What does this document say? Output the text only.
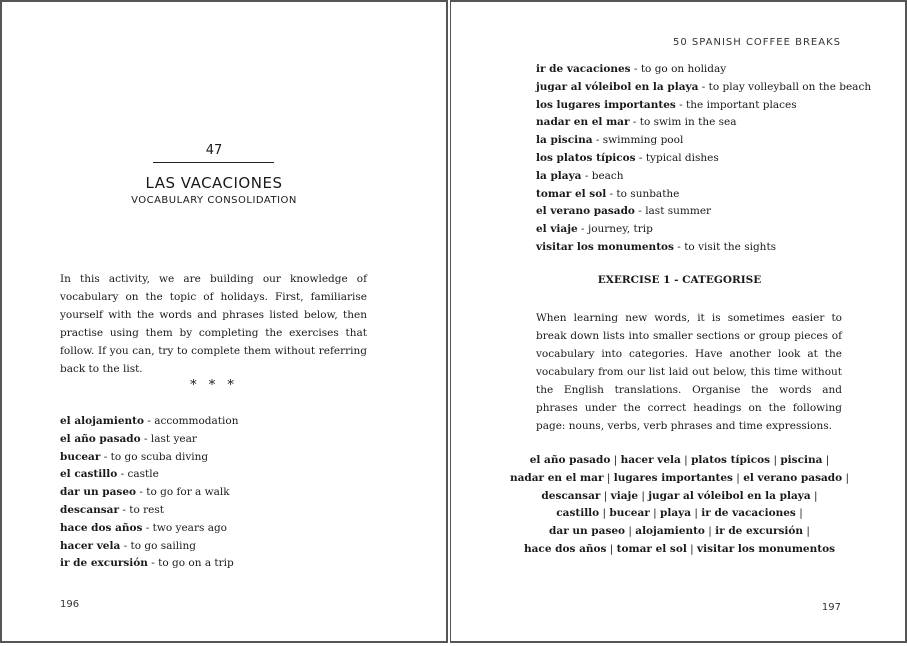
47
LAS VACACIONES
VOCABULARY CONSOLIDATION

In this activity, we are building our knowledge of vocabulary on the topic of holidays. First, familiarise yourself with the words and phrases listed below, then practise using them by completing the exercises that follow. If you can, try to complete them without referring back to the list.

* * *
el alojamiento - accommodation
el año pasado - last year
bucear - to go scuba diving
el castillo - castle
dar un paseo - to go for a walk
descansar - to rest
hace dos años - two years ago
hacer vela - to go sailing
ir de excursión - to go on a trip
196
50 SPANISH COFFEE BREAKS
ir de vacaciones - to go on holiday
jugar al vóleibol en la playa - to play volleyball on the beach
los lugares importantes - the important places
nadar en el mar - to swim in the sea
la piscina - swimming pool
los platos típicos - typical dishes
la playa - beach
tomar el sol - to sunbathe
el verano pasado - last summer
el viaje - journey, trip
visitar los monumentos - to visit the sights
EXERCISE 1 - CATEGORISE

When learning new words, it is sometimes easier to break down lists into smaller sections or group pieces of vocabulary into categories. Have another look at the vocabulary from our list laid out below, this time without the English translations. Organise the words and phrases under the correct headings on the following page: nouns, verbs, verb phrases and time expressions.

el año pasado | hacer vela | platos típicos | piscina |
nadar en el mar | lugares importantes | el verano pasado |
descansar | viaje | jugar al vóleibol en la playa |
castillo | bucear | playa | ir de vacaciones |
dar un paseo | alojamiento | ir de excursión |
hace dos años | tomar el sol | visitar los monumentos
197
